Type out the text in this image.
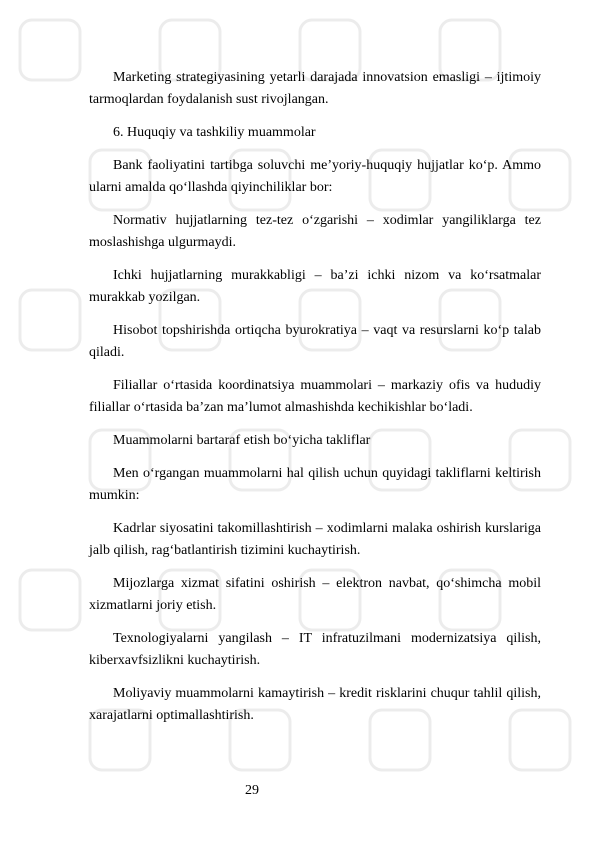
Marketing strategiyasining yetarli darajada innovatsion emasligi – ijtimoiy tarmoqlardan foydalanish sust rivojlangan.

6. Huquqiy va tashkiliy muammolar

Bank faoliyatini tartibga soluvchi me’yoriy-huquqiy hujjatlar ko‘p. Ammo ularni amalda qo‘llashda qiyinchiliklar bor:

Normativ hujjatlarning tez-tez o‘zgarishi – xodimlar yangiliklarga tez moslashishga ulgurmaydi.

Ichki hujjatlarning murakkabligi – ba’zi ichki nizom va ko‘rsatmalar murakkab yozilgan.

Hisobot topshirishda ortiqcha byurokratiya – vaqt va resurslarni ko‘p talab qiladi.

Filiallar o‘rtasida koordinatsiya muammolari – markaziy ofis va hududiy filiallar o‘rtasida ba’zan ma’lumot almashishda kechikishlar bo‘ladi.

Muammolarni bartaraf etish bo‘yicha takliflar

Men o‘rgangan muammolarni hal qilish uchun quyidagi takliflarni keltirish mumkin:

Kadrlar siyosatini takomillashtirish – xodimlarni malaka oshirish kurslariga jalb qilish, rag‘batlantirish tizimini kuchaytirish.

Mijozlarga xizmat sifatini oshirish – elektron navbat, qo‘shimcha mobil xizmatlarni joriy etish.

Texnologiyalarni yangilash – IT infratuzilmani modernizatsiya qilish, kiberxavfsizlikni kuchaytirish.

Moliyaviy muammolarni kamaytirish – kredit risklarini chuqur tahlil qilish, xarajatlarni optimallashtirish.

29
